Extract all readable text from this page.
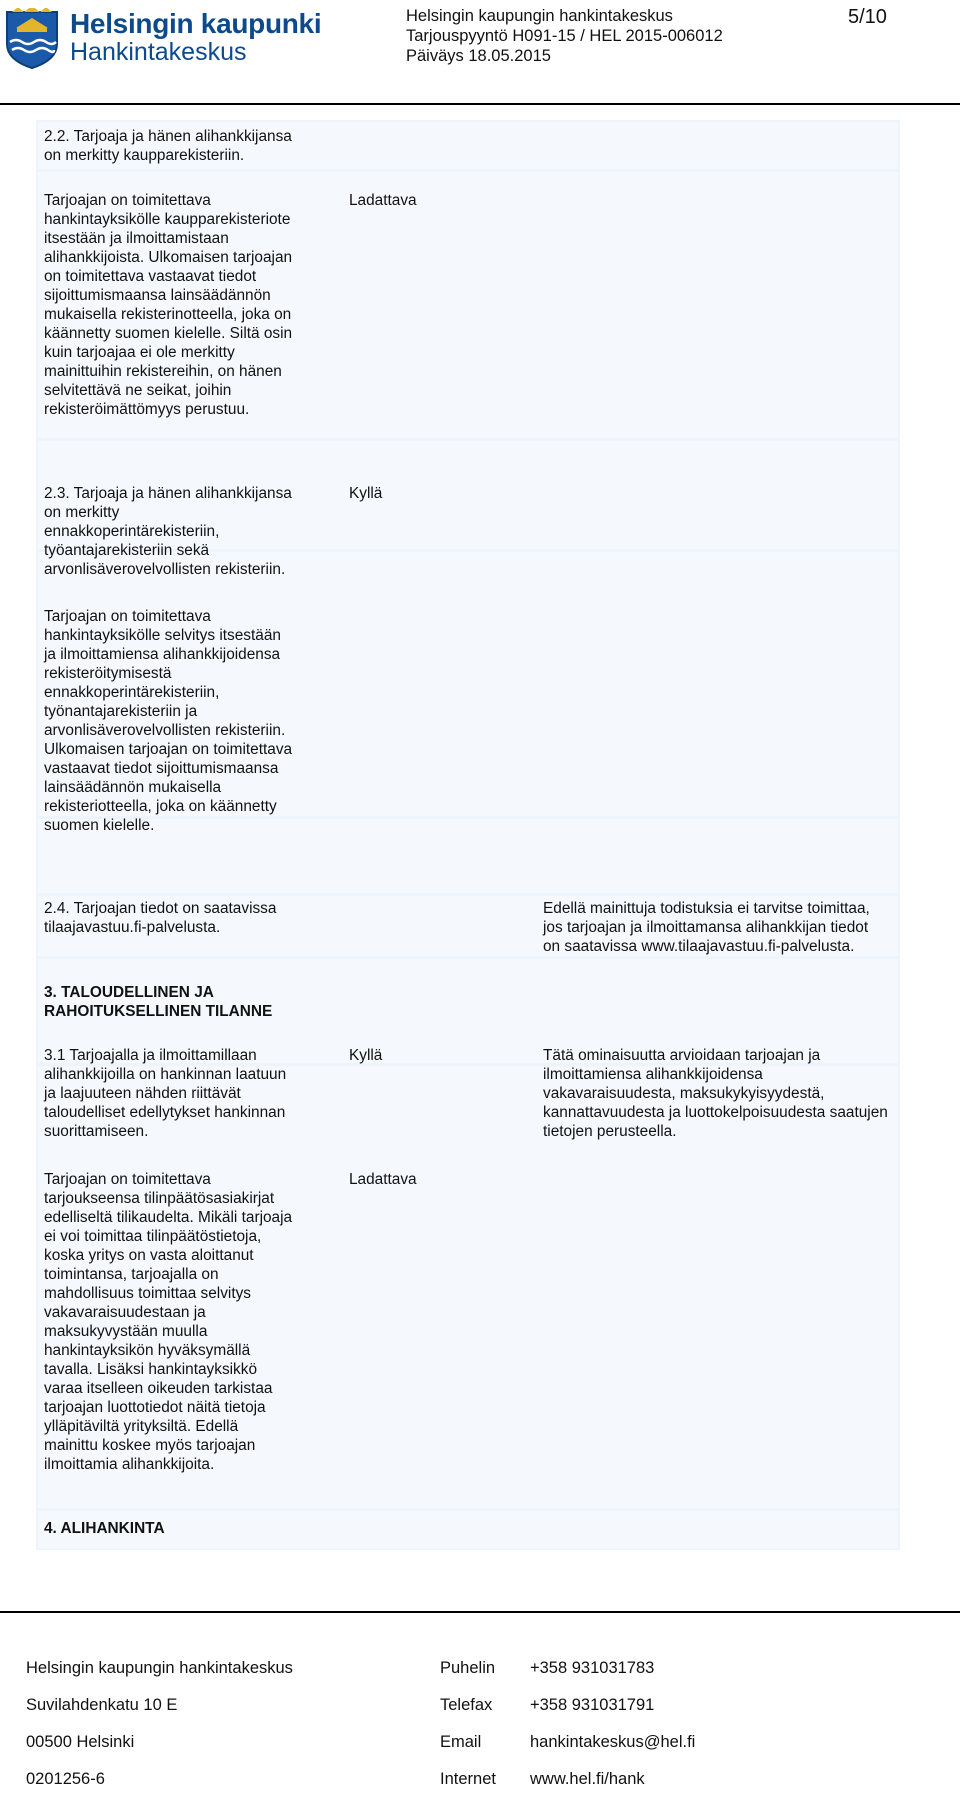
Helsingin kaupunki
Hankintakeskus
Helsingin kaupungin hankintakeskus
Tarjouspyyntö H091-15 / HEL 2015-006012
Päiväys 18.05.2015
5/10
2.2. Tarjoaja ja hänen alihankkijansa on merkitty kaupparekisteriin.
Tarjoajan on toimitettava hankintayksikölle kaupparekisteriote itsestään ja ilmoittamistaan alihankkijoista. Ulkomaisen tarjoajan on toimitettava vastaavat tiedot sijoittumismaansa lainsäädännön mukaisella rekisterinotteella, joka on käännetty suomen kielelle. Siltä osin kuin tarjoajaa ei ole merkitty mainittuihin rekistereihin, on hänen selvitettävä ne seikat, joihin rekisteröimättömyys perustuu.
Ladattava
2.3. Tarjoaja ja hänen alihankkijansa on merkitty ennakkoperintärekisteriin, työantajarekisteriin sekä arvonlisäverovelvollisten rekisteriin.
Kyllä
Tarjoajan on toimitettava hankintayksikölle selvitys itsestään ja ilmoittamiensa alihankkijoidensa rekisteröitymisestä ennakkoperintärekisteriin, työnantajarekisteriin ja arvonlisäverovelvollisten rekisteriin. Ulkomaisen tarjoajan on toimitettava vastaavat tiedot sijoittumismaansa lainsäädännön mukaisella rekisteriotteella, joka on käännetty suomen kielelle.
2.4. Tarjoajan tiedot on saatavissa tilaajavastuu.fi-palvelusta.
Edellä mainittuja todistuksia ei tarvitse toimittaa, jos tarjoajan ja ilmoittamansa alihankkijan tiedot on saatavissa www.tilaajavastuu.fi-palvelusta.
3. TALOUDELLINEN JA RAHOITUKSELLINEN TILANNE
3.1 Tarjoajalla ja ilmoittamillaan alihankkijoilla on hankinnan laatuun ja laajuuteen nähden riittävät taloudelliset edellytykset hankinnan suorittamiseen.
Kyllä	Tätä ominaisuutta arvioidaan tarjoajan ja ilmoittamiensa alihankkijoidensa vakavaraisuudesta, maksukykyisyydestä, kannattavuudesta ja luottokelpoisuudesta saatujen tietojen perusteella.
Tarjoajan on toimitettava tarjoukseensa tilinpäätösasiakirjat edelliseltä tilikaudelta. Mikäli tarjoaja ei voi toimittaa tilinpäätöstietoja, koska yritys on vasta aloittanut toimintansa, tarjoajalla on mahdollisuus toimittaa selvitys vakavaraisuudestaan ja maksukyvystään muulla hankintayksikön hyväksymällä tavalla. Lisäksi hankintayksikkö varaa itselleen oikeuden tarkistaa tarjoajan luottotiedot näitä tietoja ylläpitäviltä yrityksiltä. Edellä mainittu koskee myös tarjoajan ilmoittamia alihankkijoita.
Ladattava
4. ALIHANKINTA

Helsingin kaupungin hankintakeskus

Suvilahdenkatu 10 E

00500 Helsinki

0201256-6

Puhelin

Telefax

Email

Internet

+358 931031783

+358 931031791

hankintakeskus@hel.fi

www.hel.fi/hank
